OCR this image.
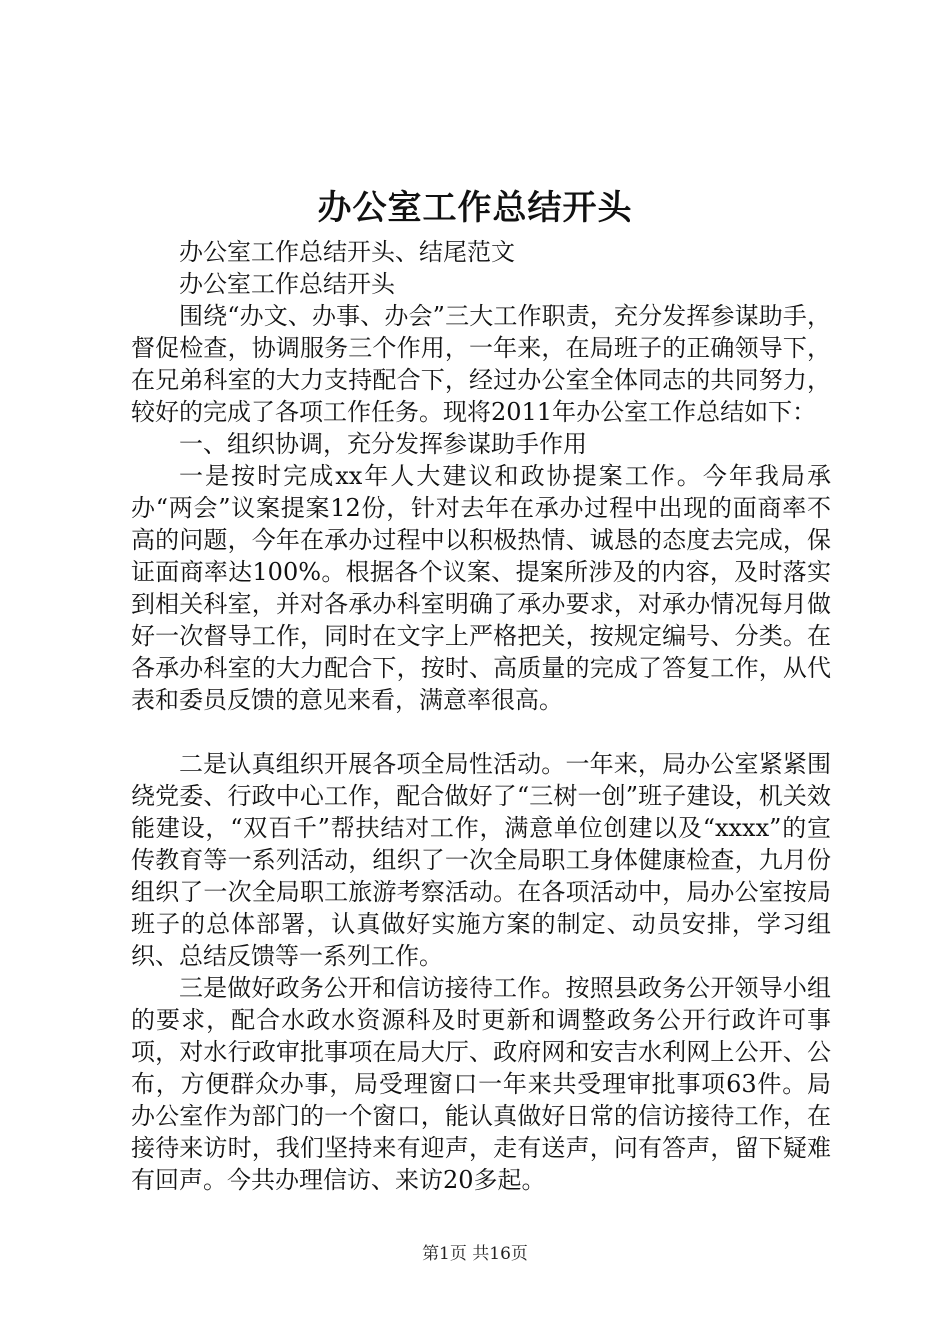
办公室工作总结开头

办公室工作总结开头、结尾范文

办公室工作总结开头

围绕“办文、办事、办会”三大工作职责，充分发挥参谋助手，督促检查，协调服务三个作用，一年来，在局班子的正确领导下，在兄弟科室的大力支持配合下，经过办公室全体同志的共同努力，较好的完成了各项工作任务。现将2011年办公室工作总结如下：

一、组织协调，充分发挥参谋助手作用

一是按时完成xx年人大建议和政协提案工作。今年我局承办“两会”议案提案12份，针对去年在承办过程中出现的面商率不高的问题，今年在承办过程中以积极热情、诚恳的态度去完成，保证面商率达100%。根据各个议案、提案所涉及的内容，及时落实到相关科室，并对各承办科室明确了承办要求，对承办情况每月做好一次督导工作，同时在文字上严格把关，按规定编号、分类。在各承办科室的大力配合下，按时、高质量的完成了答复工作，从代表和委员反馈的意见来看，满意率很高。

二是认真组织开展各项全局性活动。一年来，局办公室紧紧围绕党委、行政中心工作，配合做好了“三树一创”班子建设，机关效能建设，“双百千”帮扶结对工作，满意单位创建以及“xxxx”的宣传教育等一系列活动，组织了一次全局职工身体健康检查，九月份组织了一次全局职工旅游考察活动。在各项活动中，局办公室按局班子的总体部署，认真做好实施方案的制定、动员安排，学习组织、总结反馈等一系列工作。

三是做好政务公开和信访接待工作。按照县政务公开领导小组的要求，配合水政水资源科及时更新和调整政务公开行政许可事项，对水行政审批事项在局大厅、政府网和安吉水利网上公开、公布，方便群众办事，局受理窗口一年来共受理审批事项63件。局办公室作为部门的一个窗口，能认真做好日常的信访接待工作，在接待来访时，我们坚持来有迎声，走有送声，问有答声，留下疑难有回声。今共办理信访、来访20多起。

第1页 共16页
